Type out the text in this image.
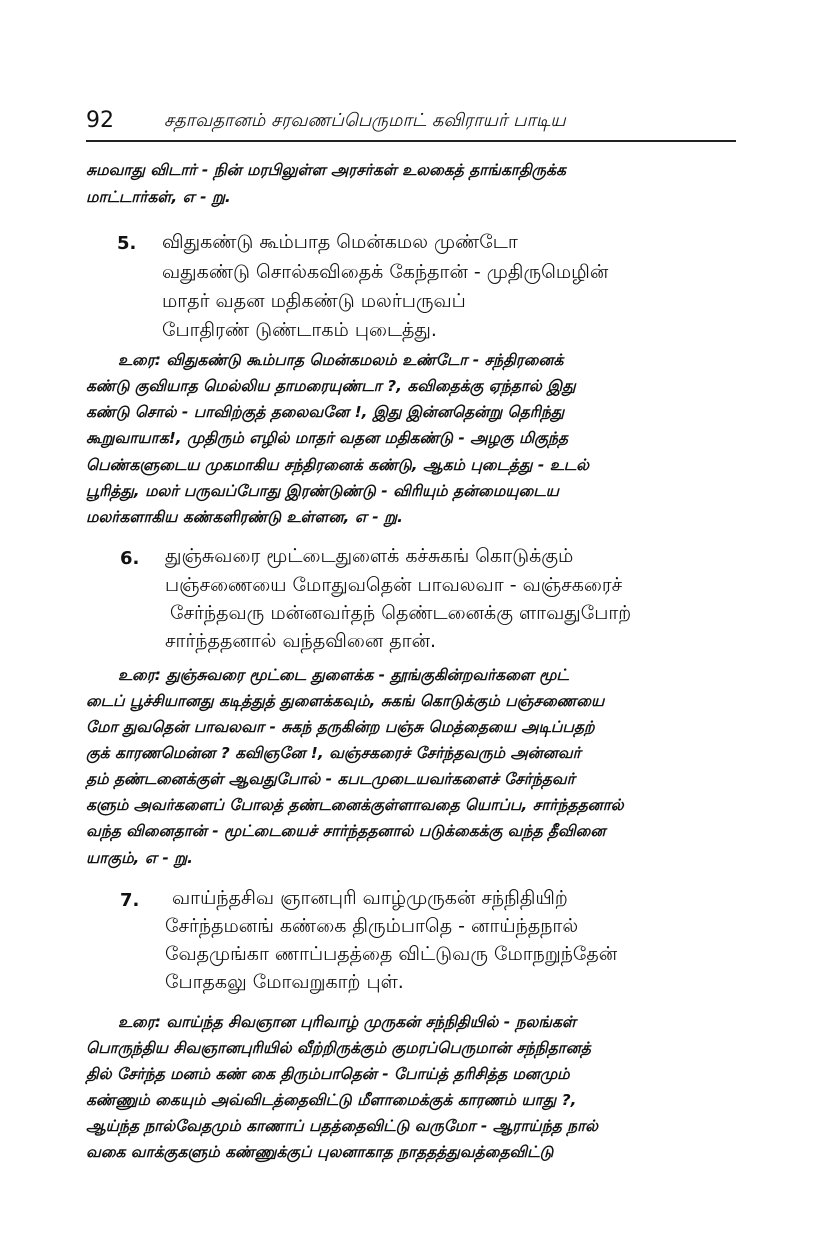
92	சதாவதானம் சரவணப்பெருமாட் கவிராயர் பாடிய
சுமவாது விடார் - நின் மரபிலுள்ள அரசர்கள் உலகைத் தாங்காதிருக்க
மாட்டார்கள், எ - று.
5. விதுகண்டு கூம்பாத மென்கமல முண்டோ
வதுகண்டு சொல்கவிதைக் கேந்தான் - முதிருமெழின்
மாதர் வதன மதிகண்டு மலர்பருவப்
போதிரண் டுண்டாகம் புடைத்து.
உரை: விதுகண்டு கூம்பாத மென்கமலம் உண்டோ - சந்திரனைக்
கண்டு குவியாத மெல்லிய தாமரையுண்டா ?, கவிதைக்கு ஏந்தால் இது
கண்டு சொல் - பாவிற்குத் தலைவனே !, இது இன்னதென்று தெரிந்து
கூறுவாயாக!, முதிரும் எழில் மாதர் வதன மதிகண்டு - அழகு மிகுந்த
பெண்களுடைய முகமாகிய சந்திரனைக் கண்டு, ஆகம் புடைத்து - உடல்
பூரித்து, மலர் பருவப்போது இரண்டுண்டு - விரியும் தன்மையுடைய
மலர்களாகிய கண்களிரண்டு உள்ளன, எ - று.
6. துஞ்சுவரை மூட்டைதுளைக் கச்சுகங் கொடுக்கும்
பஞ்சணையை மோதுவதென் பாவலவா - வஞ்சகரைச்
சேர்ந்தவரு மன்னவர்தந் தெண்டனைக்கு ளாவதுபோற்
சார்ந்ததனால் வந்தவினை தான்.
உரை: துஞ்சுவரை மூட்டை துளைக்க - தூங்குகின்றவர்களை மூட்
டைப் பூச்சியானது கடித்துத் துளைக்கவும், சுகங் கொடுக்கும் பஞ்சணையை
மோ துவதென் பாவலவா - சுகந் தருகின்ற பஞ்சு மெத்தையை அடிப்பதற்
குக் காரணமென்ன ? கவிஞனே !, வஞ்சகரைச் சேர்ந்தவரும் அன்னவர்
தம் தண்டனைக்குள் ஆவதுபோல் - கபடமுடையவர்களைச் சேர்ந்தவர்
களும் அவர்களைப் போலத் தண்டனைக்குள்ளாவதை யொப்ப, சார்ந்ததனால்
வந்த வினைதான் - மூட்டையைச் சார்ந்ததனால் படுக்கைக்கு வந்த தீவினை
யாகும், எ - று.
7. வாய்ந்தசிவ ஞானபுரி வாழ்முருகன் சந்நிதியிற்
சேர்ந்தமனங் கண்கை திரும்பாதெ - னாய்ந்தநால்
வேதமுங்கா ணாப்பதத்தை விட்டுவரு மோநறுந்தேன்
போதகலு மோவறுகாற் புள்.
உரை: வாய்ந்த சிவஞான புரிவாழ் முருகன் சந்நிதியில் - நலங்கள்
பொருந்திய சிவஞானபுரியில் வீற்றிருக்கும் குமரப்பெருமான் சந்நிதானத்
தில் சேர்ந்த மனம் கண் கை திரும்பாதென் - போய்த் தரிசித்த மனமும்
கண்ணும் கையும் அவ்விடத்தைவிட்டு மீளாமைக்குக் காரணம் யாது ?,
ஆய்ந்த நால்வேதமும் காணாப் பதத்தைவிட்டு வருமோ - ஆராய்ந்த நால்
வகை வாக்குகளும் கண்ணுக்குப் புலனாகாத நாததத்துவத்தைவிட்டு
